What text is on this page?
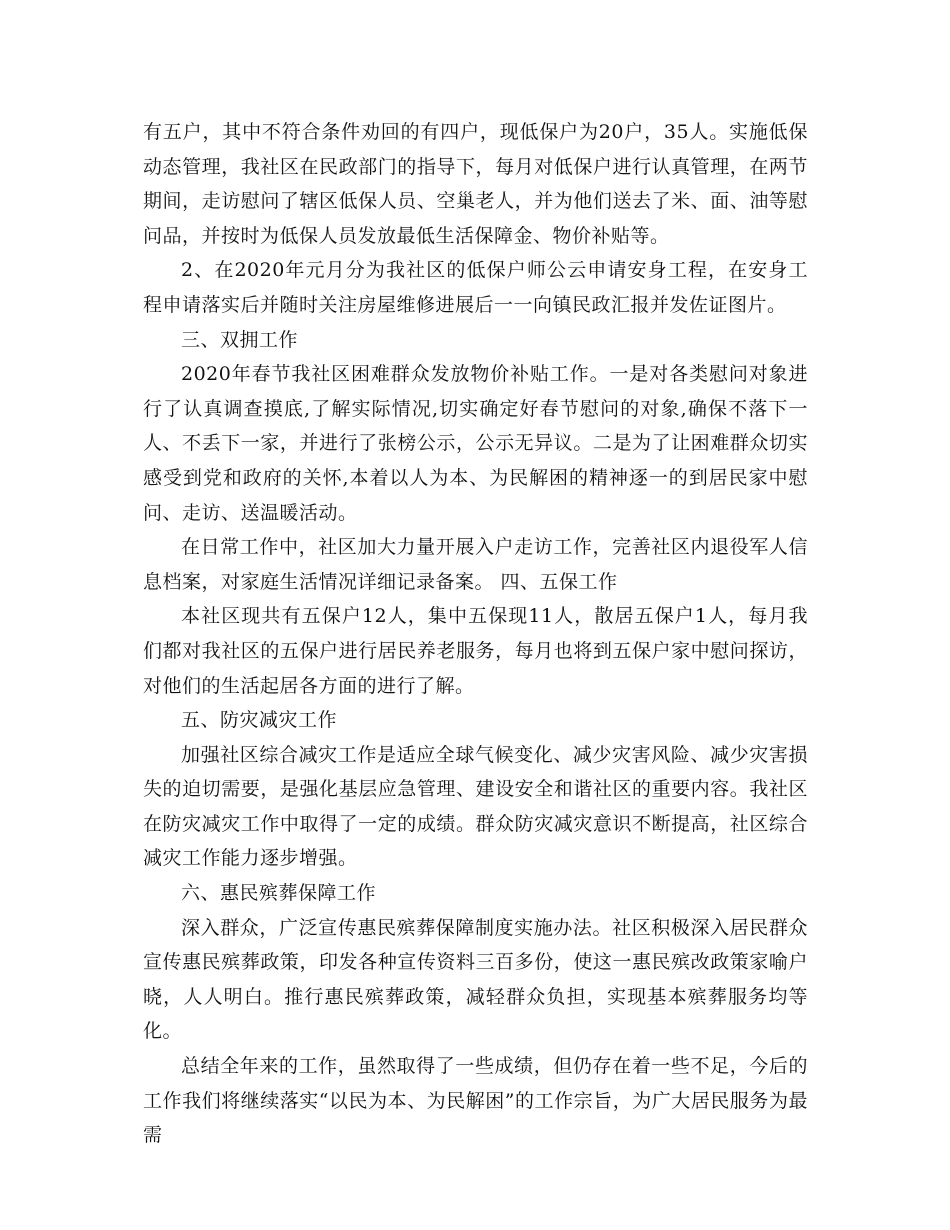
有五户，其中不符合条件劝回的有四户，现低保户为20户，35人。实施低保动态管理，我社区在民政部门的指导下，每月对低保户进行认真管理，在两节期间，走访慰问了辖区低保人员、空巢老人，并为他们送去了米、面、油等慰问品，并按时为低保人员发放最低生活保障金、物价补贴等。

2、在2020年元月分为我社区的低保户师公云申请安身工程，在安身工程申请落实后并随时关注房屋维修进展后一一向镇民政汇报并发佐证图片。

三、双拥工作

2020年春节我社区困难群众发放物价补贴工作。一是对各类慰问对象进行了认真调查摸底,了解实际情况,切实确定好春节慰问的对象,确保不落下一人、不丢下一家，并进行了张榜公示，公示无异议。二是为了让困难群众切实感受到党和政府的关怀,本着以人为本、为民解困的精神逐一的到居民家中慰问、走访、送温暖活动。

在日常工作中，社区加大力量开展入户走访工作，完善社区内退役军人信息档案，对家庭生活情况详细记录备案。 四、五保工作

本社区现共有五保户12人，集中五保现11人，散居五保户1人，每月我们都对我社区的五保户进行居民养老服务，每月也将到五保户家中慰问探访，对他们的生活起居各方面的进行了解。

五、防灾减灾工作

加强社区综合减灾工作是适应全球气候变化、减少灾害风险、减少灾害损失的迫切需要，是强化基层应急管理、建设安全和谐社区的重要内容。我社区在防灾减灾工作中取得了一定的成绩。群众防灾减灾意识不断提高，社区综合减灾工作能力逐步增强。

六、惠民殡葬保障工作

深入群众，广泛宣传惠民殡葬保障制度实施办法。社区积极深入居民群众宣传惠民殡葬政策，印发各种宣传资料三百多份，使这一惠民殡改政策家喻户晓，人人明白。推行惠民殡葬政策，减轻群众负担，实现基本殡葬服务均等化。

总结全年来的工作，虽然取得了一些成绩，但仍存在着一些不足，今后的工作我们将继续落实“以民为本、为民解困”的工作宗旨，为广大居民服务为最需
